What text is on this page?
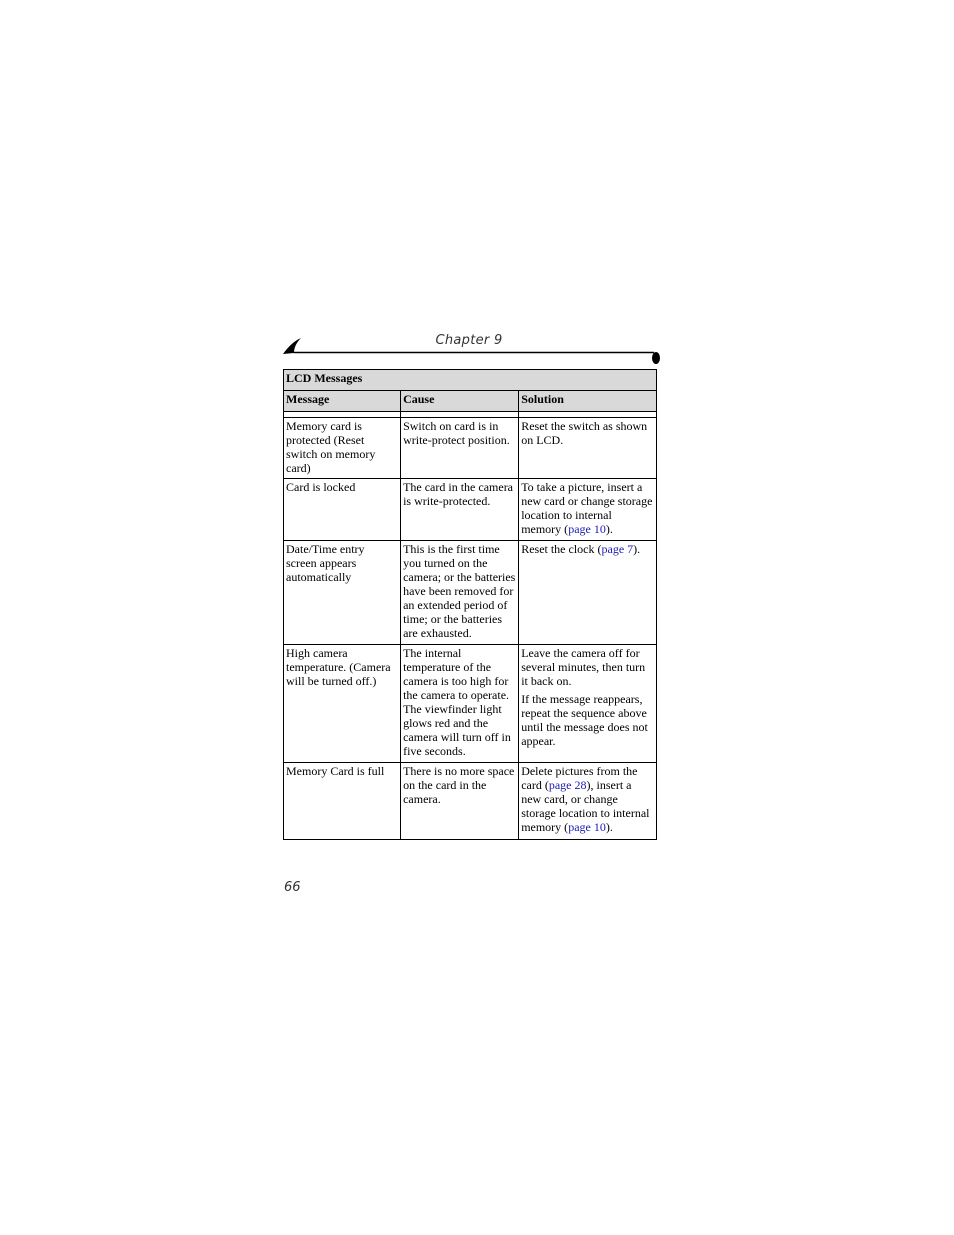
Chapter 9
LCD Messages		
Message	Cause	Solution

Memory card is protected (Reset switch on memory card)	Switch on card is in write-protect position.	Reset the switch as shown on LCD.
Card is locked	The card in the camera is write-protected.	To take a picture, insert a new card or change storage location to internal memory (page 10).
Date/Time entry screen appears automatically	This is the first time you turned on the camera; or the batteries have been removed for an extended period of time; or the batteries are exhausted.	Reset the clock (page 7).
High camera temperature. (Camera will be turned off.)	The internal temperature of the camera is too high for the camera to operate. The viewfinder light glows red and the camera will turn off in five seconds.	Leave the camera off for several minutes, then turn it back on.
If the message reappears, repeat the sequence above until the message does not appear.

Memory Card is full	There is no more space on the card in the camera.	Delete pictures from the card (page 28), insert a new card, or change storage location to internal memory (page 10).
66
